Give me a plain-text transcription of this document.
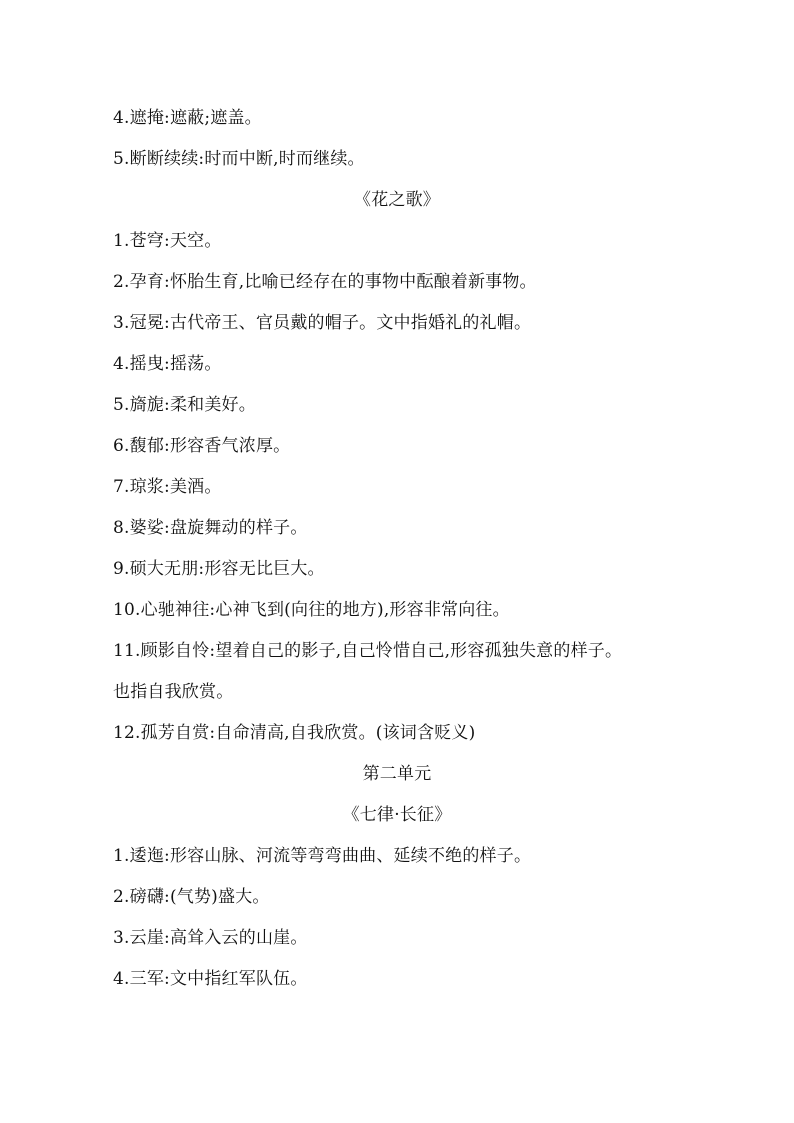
4.遮掩:遮蔽;遮盖。
5.断断续续:时而中断,时而继续。
《花之歌》
1.苍穹:天空。
2.孕育:怀胎生育,比喻已经存在的事物中酝酿着新事物。
3.冠冕:古代帝王、官员戴的帽子。文中指婚礼的礼帽。
4.摇曳:摇荡。
5.旖旎:柔和美好。
6.馥郁:形容香气浓厚。
7.琼浆:美酒。
8.婆娑:盘旋舞动的样子。
9.硕大无朋:形容无比巨大。
10.心驰神往:心神飞到(向往的地方),形容非常向往。
11.顾影自怜:望着自己的影子,自己怜惜自己,形容孤独失意的样子。
也指自我欣赏。
12.孤芳自赏:自命清高,自我欣赏。(该词含贬义)
第二单元
《七律·长征》
1.逶迤:形容山脉、河流等弯弯曲曲、延续不绝的样子。
2.磅礴:(气势)盛大。
3.云崖:高耸入云的山崖。
4.三军:文中指红军队伍。
